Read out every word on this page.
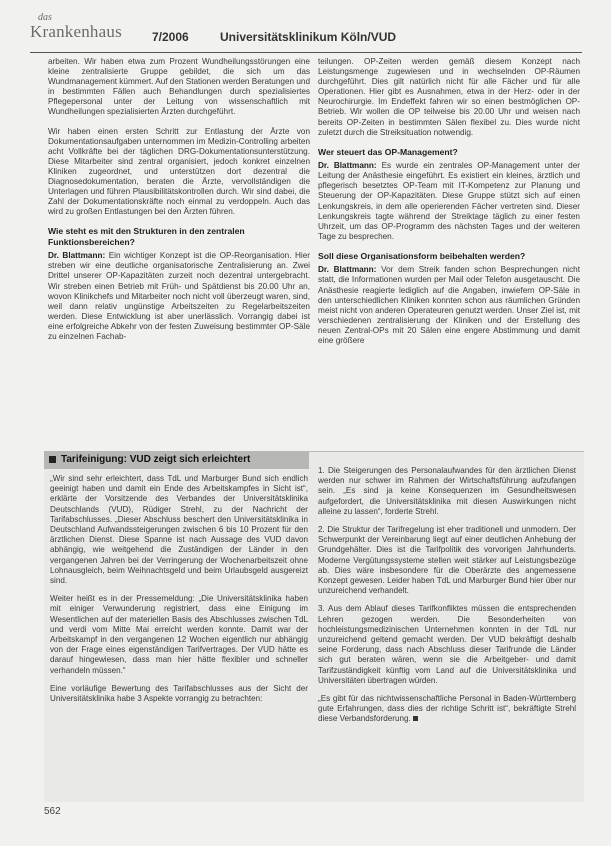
das
Krankenhaus	7/2006	Universitätsklinikum Köln/VUD

arbeiten. Wir haben etwa zum Prozent Wundheilungsstörungen eine kleine zentralisierte Gruppe gebildet, die sich um das Wundmanagement kümmert. Auf den Stationen werden Beratungen und in bestimmten Fällen auch Behandlungen durch spezialisiertes Pflegepersonal unter der Leitung von wissenschaftlich mit Wundheilungen spezialisierten Ärzten durchgeführt.

Wir haben einen ersten Schritt zur Entlastung der Ärzte von Dokumentationsaufgaben unternommen im Medizin-Controlling arbeiten acht Vollkräfte bei der täglichen DRG-Dokumentationsunterstützung. Diese Mitarbeiter sind zentral organisiert, jedoch konkret einzelnen Kliniken zugeordnet, und unterstützen dort dezentral die Diagnosedokumentation, beraten die Ärzte, vervollständigen die Unterlagen und führen Plausibilitätskontrollen durch. Wir sind dabei, die Zahl der Dokumentationskräfte noch einmal zu verdoppeln. Auch das wird zu großen Entlastungen bei den Ärzten führen.

Wie steht es mit den Strukturen in den zentralen Funktionsbereichen?

Dr. Blattmann: Ein wichtiger Konzept ist die OP-Reorganisation. Hier streben wir eine deutliche organisatorische Zentralisierung an. Zwei Drittel unserer OP-Kapazitäten zurzeit noch dezentral untergebracht. Wir streben einen Betrieb mit Früh- und Spätdienst bis 20.00 Uhr an, wovon Klinikchefs und Mitarbeiter noch nicht voll überzeugt waren, sind, weil dann relativ ungünstige Arbeitszeiten zu Regelarbeitszeiten werden. Diese Entwicklung ist aber unerlässlich. Vorrangig dabei ist eine erfolgreiche Abkehr von der festen Zuweisung bestimmter OP-Säle zu einzelnen Fachab-

teilungen. OP-Zeiten werden gemäß diesem Konzept nach Leistungsmenge zugewiesen und in wechselnden OP-Räumen durchgeführt. Dies gilt natürlich nicht für alle Fächer und für alle Operationen. Hier gibt es Ausnahmen, etwa in der Herz- oder in der Neurochirurgie. Im Endeffekt fahren wir so einen bestmöglichen OP-Betrieb. Wir wollen die OP teilweise bis 20.00 Uhr und weisen nach bereits OP-Zeiten in bestimmten Sälen flexibel zu. Dies wurde nicht zuletzt durch die Streiksituation notwendig.

Wer steuert das OP-Management?

Dr. Blattmann: Es wurde ein zentrales OP-Management unter der Leitung der Anästhesie eingeführt. Es existiert ein kleines, ärztlich und pflegerisch besetztes OP-Team mit IT-Kompetenz zur Planung und Steuerung der OP-Kapazitäten. Diese Gruppe stützt sich auf einen Lenkungskreis, in dem alle operierenden Fächer vertreten sind. Dieser Lenkungskreis tagte während der Streiktage täglich zu einer festen Uhrzeit, um das OP-Programm des nächsten Tages und der weiteren Tage zu besprechen.

Soll diese Organisationsform beibehalten werden?

Dr. Blattmann: Vor dem Streik fanden schon Besprechungen nicht statt, die Informationen wurden per Mail oder Telefon ausgetauscht. Die Anästhesie reagierte lediglich auf die Angaben, inwiefern OP-Säle in den unterschiedlichen Kliniken konnten schon aus räumlichen Gründen meist nicht von anderen Operateuren genutzt werden. Unser Ziel ist, mit verschiedenen zentralisierung der Kliniken und der Erstellung des neuen Zentral-OPs mit 20 Sälen eine engere Abstimmung und damit eine größere

Tarifeinigung: VUD zeigt sich erleichtert

„Wir sind sehr erleichtert, dass TdL und Marburger Bund sich endlich geeinigt haben und damit ein Ende des Arbeitskampfes in Sicht ist“, erklärte der Vorsitzende des Verbandes der Universitätsklinika Deutschlands (VUD), Rüdiger Strehl, zu der Nachricht der Tarifabschlusses. „Dieser Abschluss beschert den Universitätsklinika in Deutschland Aufwandssteigerungen zwischen 6 bis 10 Prozent für den ärztlichen Dienst. Diese Spanne ist nach Aussage des VUD davon abhängig, wie weitgehend die Zuständigen der Länder in den vergangenen Jahren bei der Verringerung der Wochenarbeitszeit ohne Lohnausgleich, beim Weihnachtsgeld und beim Urlaubsgeld ausgereizt sind.

Weiter heißt es in der Pressemeldung: „Die Universitätsklinika haben mit einiger Verwunderung registriert, dass eine Einigung im Wesentlichen auf der materiellen Basis des Abschlusses zwischen TdL und verdi vom Mitte Mai erreicht werden konnte. Damit war der Arbeitskampf in den vergangenen 12 Wochen eigentlich nur abhängig von der Frage eines eigenständigen Tarifvertrages. Der VUD hätte es darauf hingewiesen, dass man hier hätte flexibler und schneller verhandeln müssen.“

Eine vorläufige Bewertung des Tarifabschlusses aus der Sicht der Universitätsklinika habe 3 Aspekte vorrangig zu betrachten:

1. Die Steigerungen des Personalaufwandes für den ärztlichen Dienst werden nur schwer im Rahmen der Wirtschaftsführung aufzufangen sein. „Es sind ja keine Konsequenzen im Gesundheitswesen aufgefordert, die Universitätsklinika mit diesen Auswirkungen nicht alleine zu lassen“, forderte Strehl.

2. Die Struktur der Tarifregelung ist eher traditionell und unmodern. Der Schwerpunkt der Vereinbarung liegt auf einer deutlichen Anhebung der Grundgehälter. Dies ist die Tarifpolitik des vorvorigen Jahrhunderts. Moderne Vergütungssysteme stellen weit stärker auf Leistungsbezüge ab. Dies wäre insbesondere für die Oberärzte des angemessene Konzept gewesen. Leider haben TdL und Marburger Bund hier über nur unzureichend verhandelt.

3. Aus dem Ablauf dieses Tarifkonfliktes müssen die entsprechenden Lehren gezogen werden. Die Besonderheiten von hochleistungsmedizinischen Unternehmen konnten in der TdL nur unzureichend geltend gemacht werden. Der VUD bekräftigt deshalb seine Forderung, dass nach Abschluss dieser Tarifrunde die Länder sich gut beraten wären, wenn sie die Arbeitgeber- und damit Tarifzuständigkeit künftig vom Land auf die Universitätsklinika und Universitäten übertragen würden.

„Es gibt für das nichtwissenschaftliche Personal in Baden-Württemberg gute Erfahrungen, dass dies der richtige Schritt ist“, bekräftigte Strehl diese Verbandsforderung.

562
